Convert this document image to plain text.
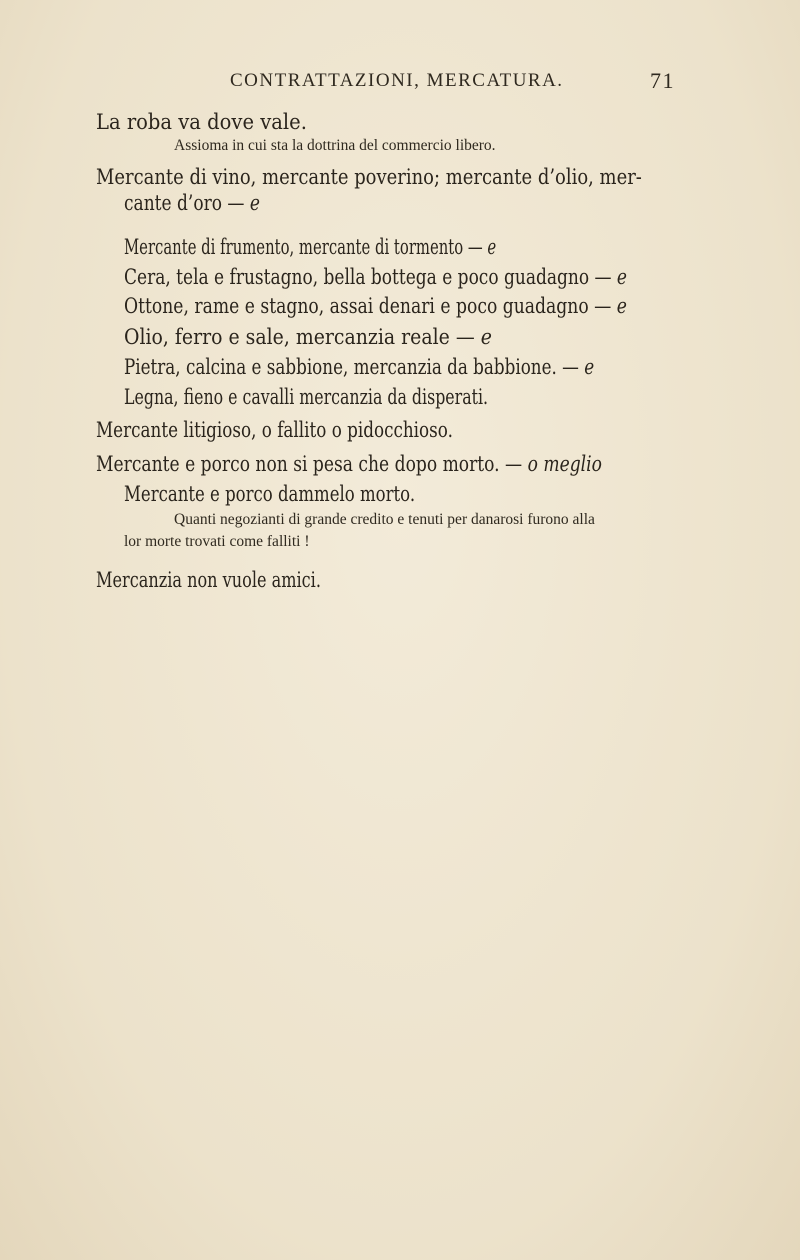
CONTRATTAZIONI, MERCATURA.	71
La roba va dove vale.
Assioma in cui sta la dottrina del commercio libero.
Mercante di vino, mercante poverino; mercante d’olio, mer-
cante d’oro — e
Mercante di frumento, mercante di tormento — e
Cera, tela e frustagno, bella bottega e poco guadagno — e
Ottone, rame e stagno, assai denari e poco guadagno — e
Olio, ferro e sale, mercanzia reale — e
Pietra, calcina e sabbione, mercanzia da babbione. — e
Legna, fieno e cavalli mercanzia da disperati.
Mercante litigioso, o fallito o pidocchioso.
Mercante e porco non si pesa che dopo morto. — o meglio
Mercante e porco dammelo morto.
Quanti negozianti di grande credito e tenuti per danarosi furono alla
lor morte trovati come falliti !
Mercanzia non vuole amici.
